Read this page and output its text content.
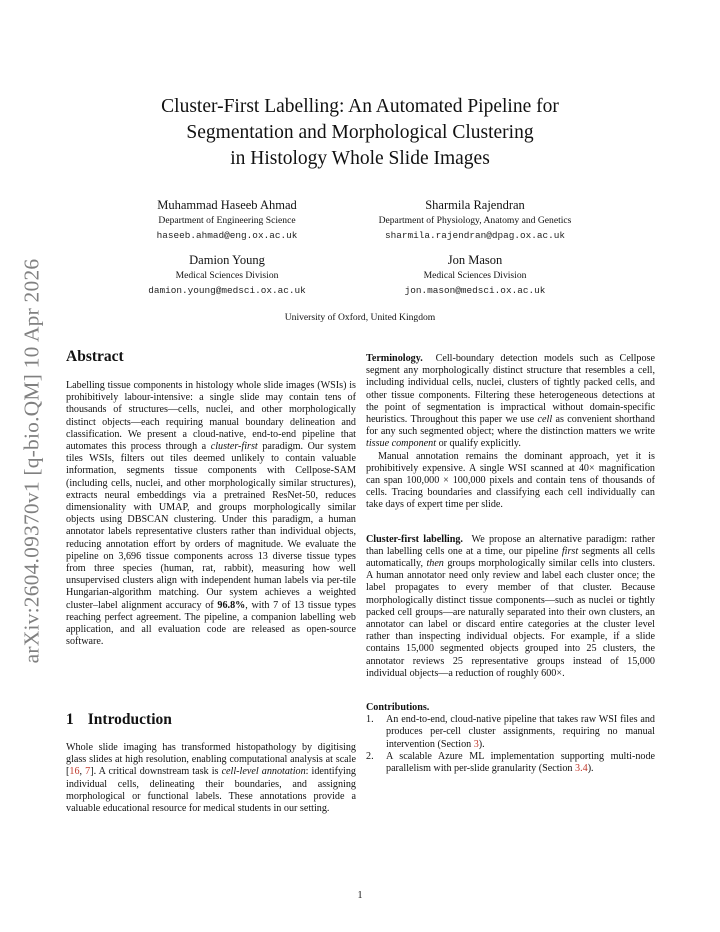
arXiv:2604.09370v1 [q-bio.QM] 10 Apr 2026
Cluster-First Labelling: An Automated Pipeline for
Segmentation and Morphological Clustering
in Histology Whole Slide Images
Muhammad Haseeb Ahmad
Department of Engineering Science
haseeb.ahmad@eng.ox.ac.uk
Sharmila Rajendran
Department of Physiology, Anatomy and Genetics
sharmila.rajendran@dpag.ox.ac.uk
Damion Young
Medical Sciences Division
damion.young@medsci.ox.ac.uk
Jon Mason
Medical Sciences Division
jon.mason@medsci.ox.ac.uk
University of Oxford, United Kingdom
Abstract

Labelling tissue components in histology whole slide images (WSIs) is prohibitively labour-intensive: a single slide may contain tens of thousands of structures—cells, nuclei, and other morphologically distinct objects—each requiring manual boundary delineation and classification. We present a cloud-native, end-to-end pipeline that automates this process through a cluster-first paradigm. Our system tiles WSIs, filters out tiles deemed unlikely to contain valuable information, segments tissue components with Cellpose-SAM (including cells, nuclei, and other morphologically similar structures), extracts neural embeddings via a pretrained ResNet-50, reduces dimensionality with UMAP, and groups morphologically similar objects using DBSCAN clustering. Under this paradigm, a human annotator labels representative clusters rather than individual objects, reducing annotation effort by orders of magnitude. We evaluate the pipeline on 3,696 tissue components across 13 diverse tissue types from three species (human, rat, rabbit), measuring how well unsupervised clusters align with independent human labels via per-tile Hungarian-algorithm matching. Our system achieves a weighted cluster–label alignment accuracy of 96.8%, with 7 of 13 tissue types reaching perfect agreement. The pipeline, a companion labelling web application, and all evaluation code are released as open-source software.

1 Introduction

Whole slide imaging has transformed histopathology by digitising glass slides at high resolution, enabling computational analysis at scale [16, 7]. A critical downstream task is cell-level annotation: identifying individual cells, delineating their boundaries, and assigning morphological or functional labels. These annotations provide a valuable educational resource for medical students in our setting.

Terminology. Cell-boundary detection models such as Cellpose segment any morphologically distinct structure that resembles a cell, including individual cells, nuclei, clusters of tightly packed cells, and other tissue components. Filtering these heterogeneous detections at the point of segmentation is impractical without domain-specific heuristics. Throughout this paper we use cell as convenient shorthand for any such segmented object; where the distinction matters we write tissue component or qualify explicitly.

Manual annotation remains the dominant approach, yet it is prohibitively expensive. A single WSI scanned at 40× magnification can span 100,000 × 100,000 pixels and contain tens of thousands of cells. Tracing boundaries and classifying each cell individually can take days of expert time per slide.

Cluster-first labelling. We propose an alternative paradigm: rather than labelling cells one at a time, our pipeline first segments all cells automatically, then groups morphologically similar cells into clusters. A human annotator need only review and label each cluster once; the label propagates to every member of that cluster. Because morphologically distinct tissue components—such as nuclei or tightly packed cell groups—are naturally separated into their own clusters, an annotator can label or discard entire categories at the cluster level rather than inspecting individual objects. For example, if a slide contains 15,000 segmented objects grouped into 25 clusters, the annotator reviews 25 representative groups instead of 15,000 individual objects—a reduction of roughly 600×.

Contributions.

1. An end-to-end, cloud-native pipeline that takes raw WSI files and produces per-cell cluster assignments, requiring no manual intervention (Section 3).
2. A scalable Azure ML implementation supporting multi-node parallelism with per-slide granularity (Section 3.4).
1
